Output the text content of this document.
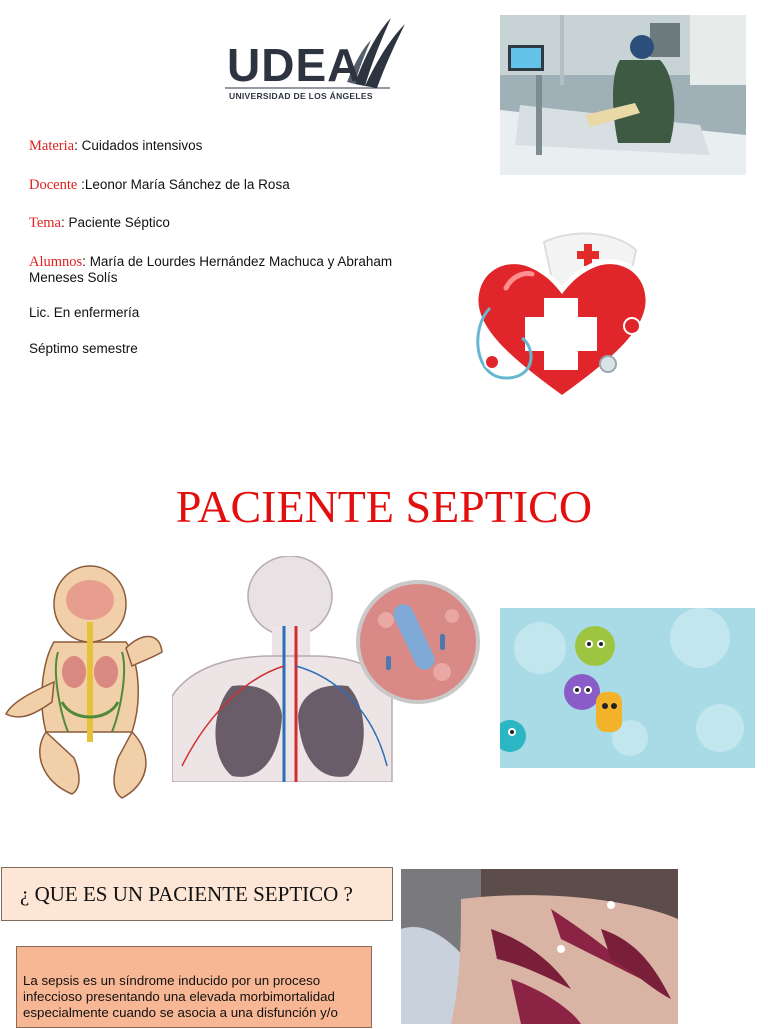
UDEA
UNIVERSIDAD DE LOS ÁNGELES
Materia: Cuidados intensivos
Docente :Leonor María Sánchez de la Rosa
Tema: Paciente Séptico
Alumnos: María de Lourdes Hernández Machuca y Abraham Meneses Solís
Lic. En enfermería
Séptimo semestre
PACIENTE SEPTICO
¿ QUE ES UN PACIENTE SEPTICO ?

La sepsis es un síndrome inducido por un proceso infeccioso presentando una elevada morbimortalidad especialmente cuando se asocia a una disfunción y/o
